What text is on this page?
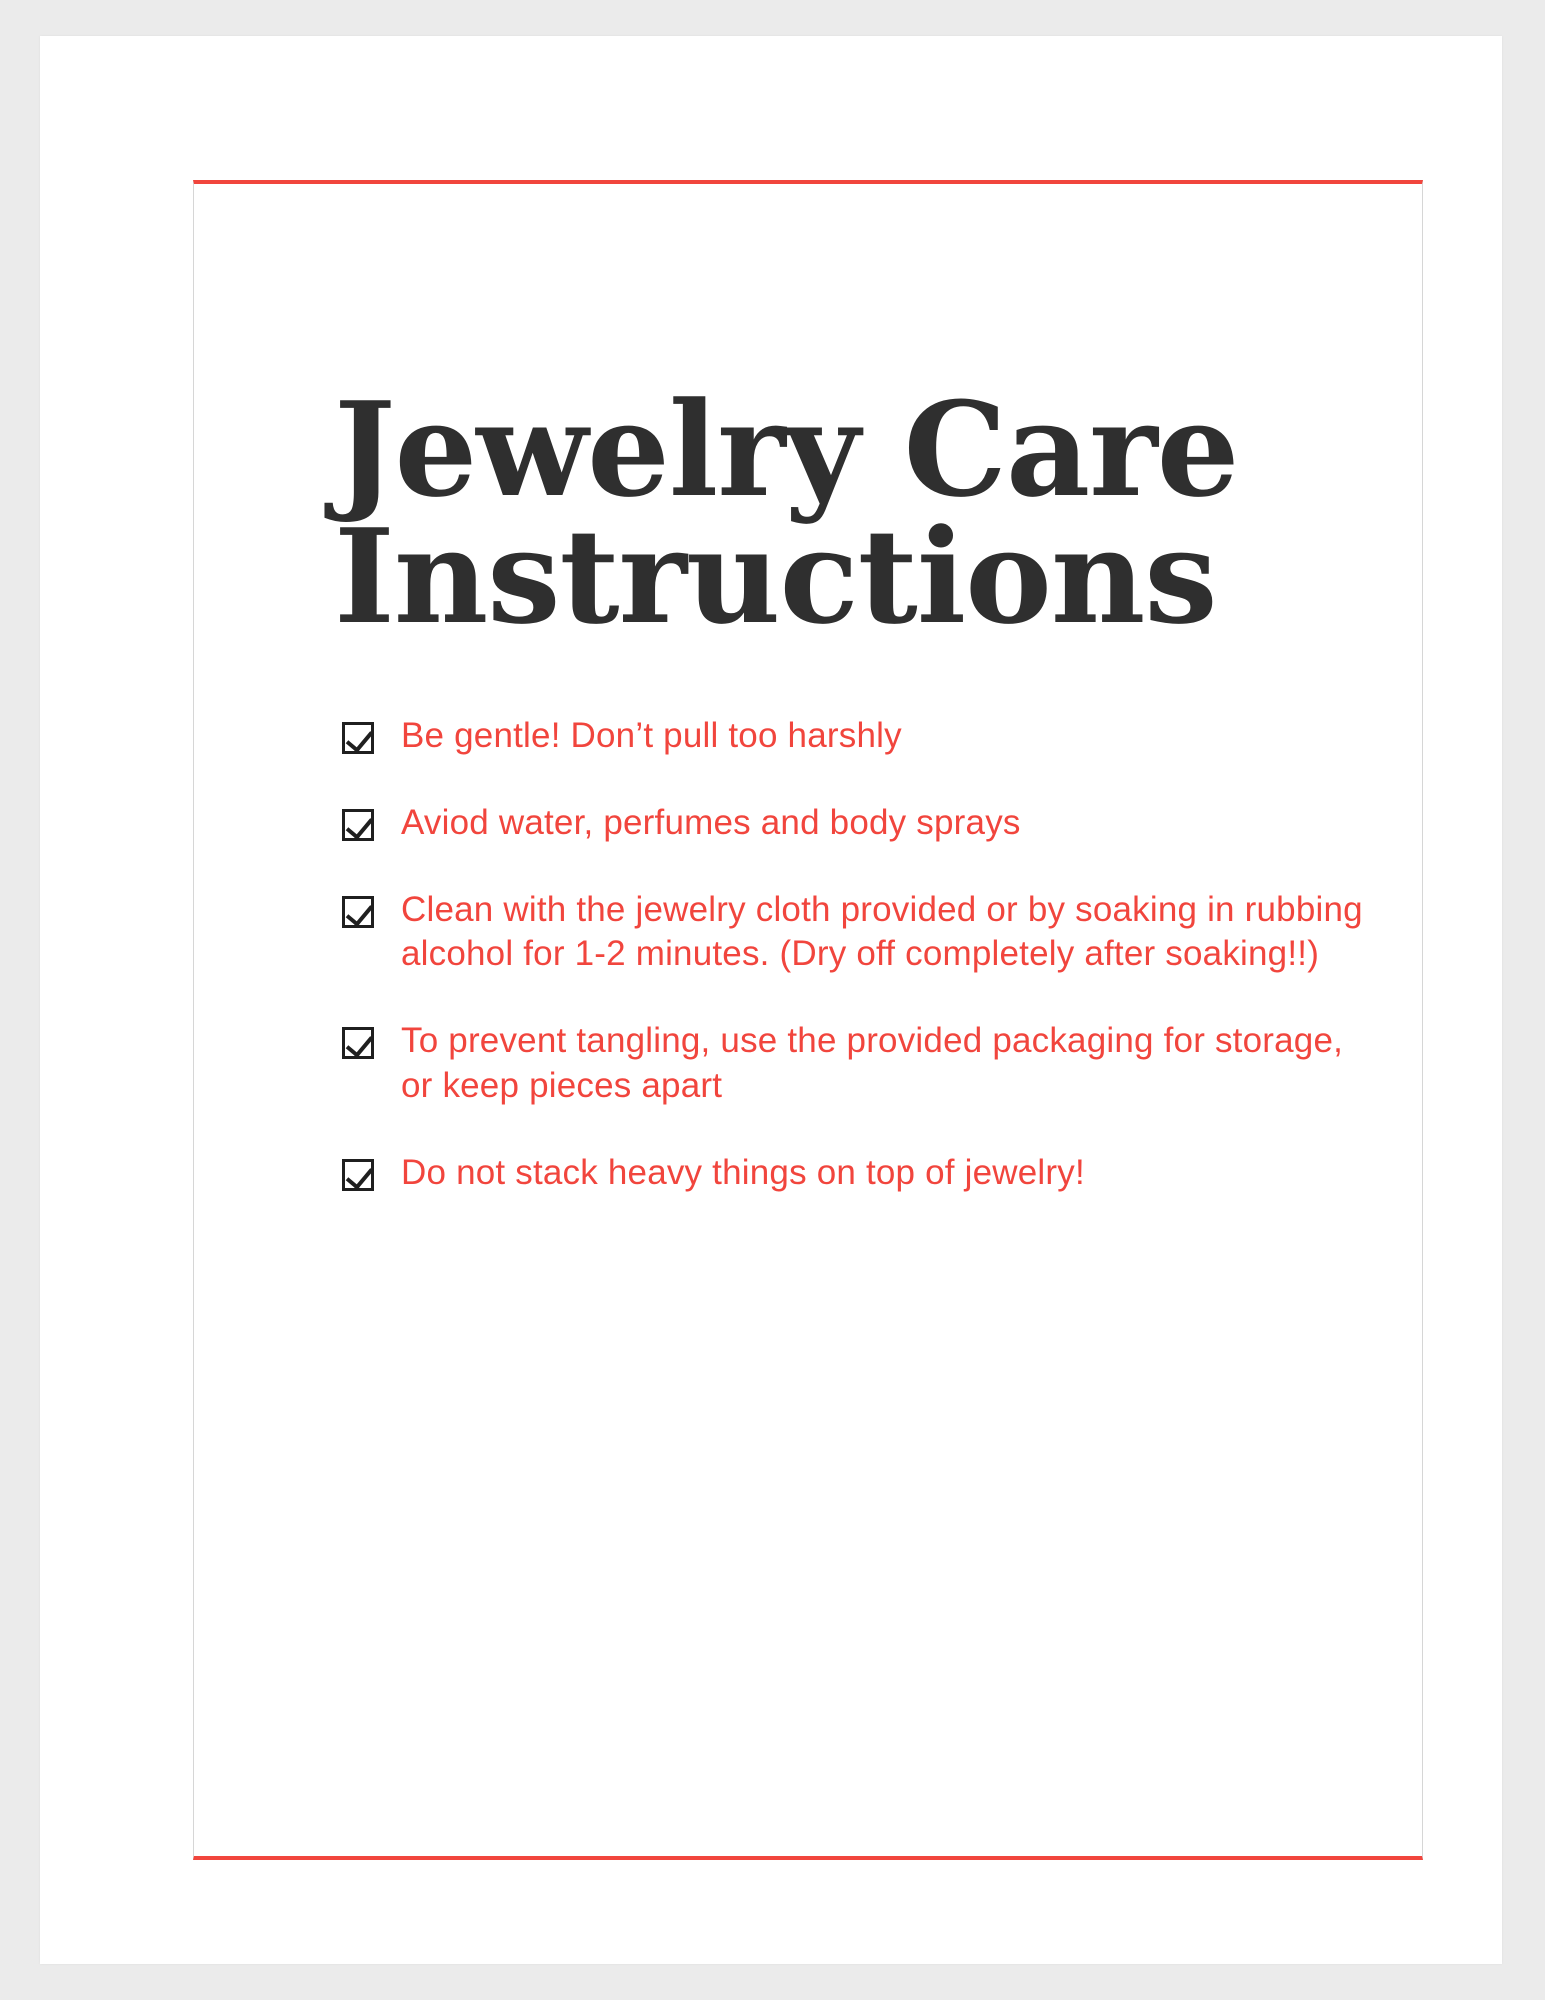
Jewelry Care Instructions
Be gentle! Don’t pull too harshly
Aviod water, perfumes and body sprays
Clean with the jewelry cloth provided or by soaking in rubbing alcohol for 1-2 minutes. (Dry off completely after soaking!!)
To prevent tangling, use the provided packaging for storage, or keep pieces apart
Do not stack heavy things on top of jewelry!
